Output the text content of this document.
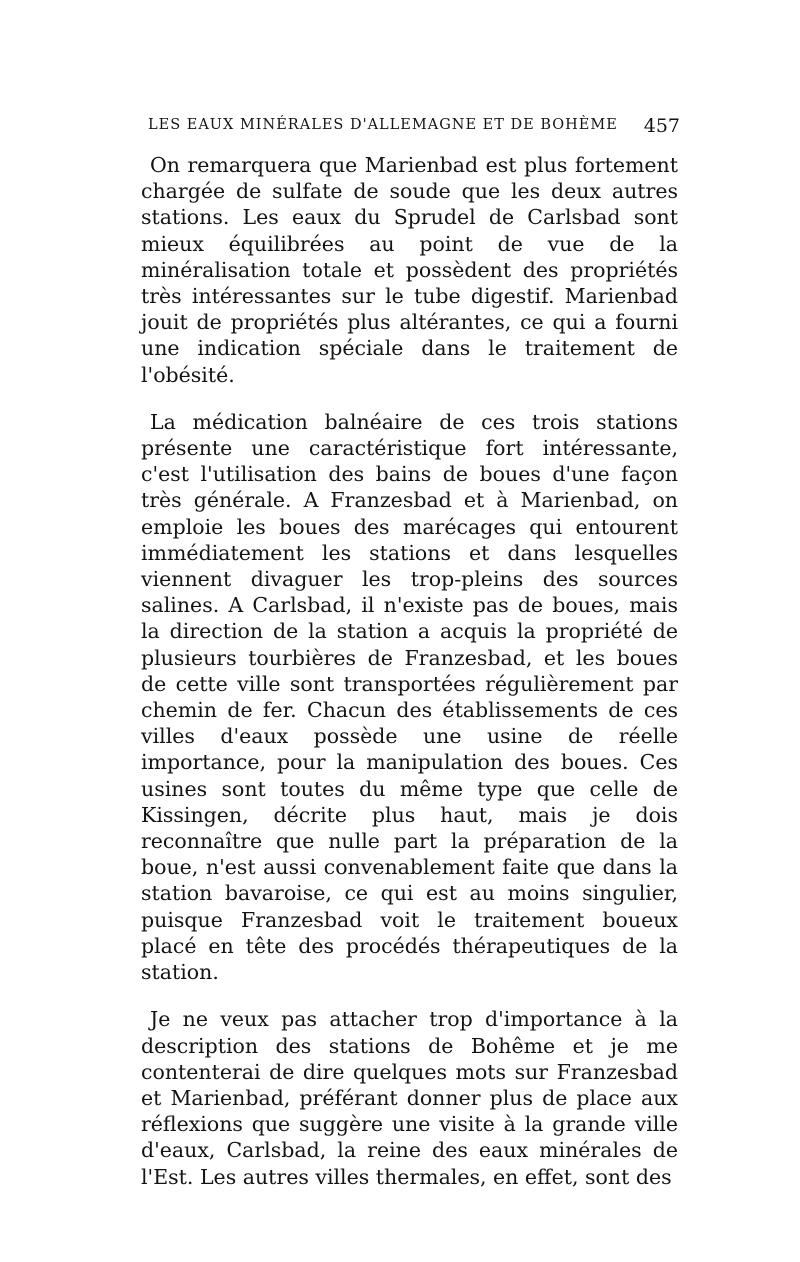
LES EAUX MINÉRALES D'ALLEMAGNE ET DE BOHÈME 457

On remarquera que Marienbad est plus fortement chargée de sulfate de soude que les deux autres stations. Les eaux du Sprudel de Carlsbad sont mieux équilibrées au point de vue de la minéralisation totale et possèdent des propriétés très intéressantes sur le tube digestif. Marienbad jouit de propriétés plus altérantes, ce qui a fourni une indication spéciale dans le traitement de l'obésité.

La médication balnéaire de ces trois stations présente une caractéristique fort intéressante, c'est l'utilisation des bains de boues d'une façon très générale. A Franzesbad et à Marienbad, on emploie les boues des marécages qui entourent immédiatement les stations et dans lesquelles viennent divaguer les trop-pleins des sources salines. A Carlsbad, il n'existe pas de boues, mais la direction de la station a acquis la propriété de plusieurs tourbières de Franzesbad, et les boues de cette ville sont transportées régulièrement par chemin de fer. Chacun des établissements de ces villes d'eaux possède une usine de réelle importance, pour la manipulation des boues. Ces usines sont toutes du même type que celle de Kissingen, décrite plus haut, mais je dois reconnaître que nulle part la préparation de la boue, n'est aussi convenablement faite que dans la station bavaroise, ce qui est au moins singulier, puisque Franzesbad voit le traitement boueux placé en tête des procédés thérapeutiques de la station.

Je ne veux pas attacher trop d'importance à la description des stations de Bohême et je me contenterai de dire quelques mots sur Franzesbad et Marienbad, préférant donner plus de place aux réflexions que suggère une visite à la grande ville d'eaux, Carlsbad, la reine des eaux minérales de l'Est. Les autres villes thermales, en effet, sont des
